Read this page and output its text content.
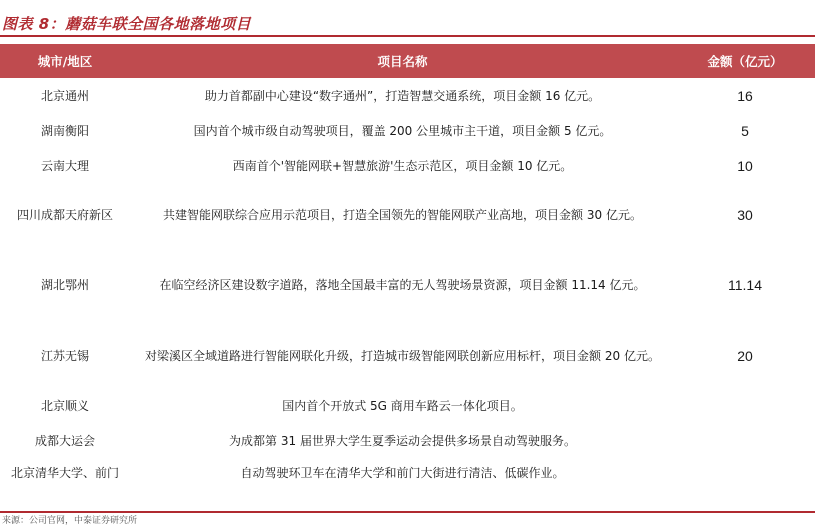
图表 8：蘑菇车联全国各地落地项目
城市/地区	项目名称	金额（亿元）
北京通州	助力首都副中心建设“数字通州”，打造智慧交通系统，项目金额 16 亿元。	16
湖南衡阳	国内首个城市级自动驾驶项目，覆盖 200 公里城市主干道，项目金额 5 亿元。	5
云南大理	西南首个'智能网联+智慧旅游'生态示范区，项目金额 10 亿元。	10
四川成都天府新区	共建智能网联综合应用示范项目，打造全国领先的智能网联产业高地，项目金额 30 亿元。	30
湖北鄂州	在临空经济区建设数字道路，落地全国最丰富的无人驾驶场景资源，项目金额 11.14 亿元。	11.14
江苏无锡	对梁溪区全域道路进行智能网联化升级，打造城市级智能网联创新应用标杆，项目金额 20 亿元。	20
北京顺义	国内首个开放式 5G 商用车路云一体化项目。	
成都大运会	为成都第 31 届世界大学生夏季运动会提供多场景自动驾驶服务。	
北京清华大学、前门	自动驾驶环卫车在清华大学和前门大街进行清洁、低碳作业。	
来源：公司官网，中泰证券研究所
